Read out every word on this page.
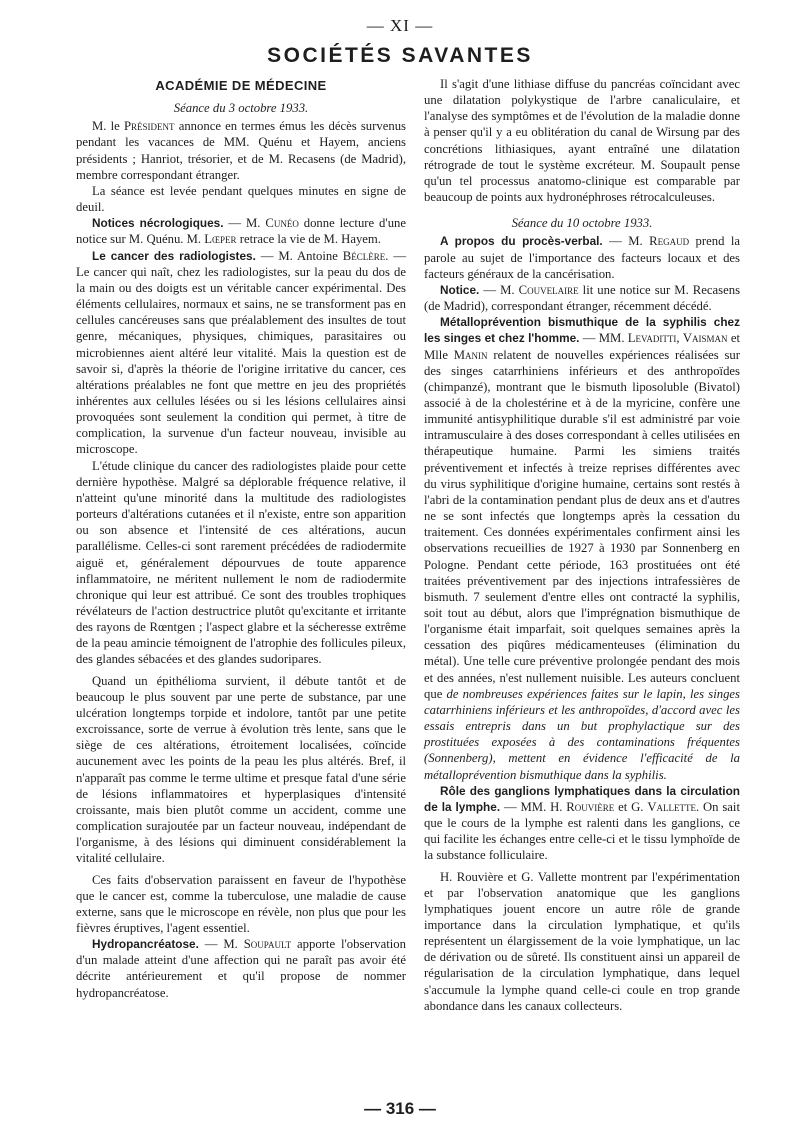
— XI —
SOCIÉTÉS SAVANTES
ACADÉMIE DE MÉDECINE
Séance du 3 octobre 1933.

M. le Président annonce en termes émus les décès survenus pendant les vacances de MM. Quénu et Hayem, anciens présidents ; Hanriot, trésorier, et de M. Recasens (de Madrid), membre correspondant étranger.

La séance est levée pendant quelques minutes en signe de deuil.

Notices nécrologiques. — M. Cunéo donne lecture d'une notice sur M. Quénu. M. Lœper retrace la vie de M. Hayem.

Le cancer des radiologistes. — M. Antoine Béclère. — Le cancer qui naît, chez les radiologistes, sur la peau du dos de la main ou des doigts est un véritable cancer expérimental. Des éléments cellulaires, normaux et sains, ne se transforment pas en cellules cancéreuses sans que préalablement des insultes de tout genre, mécaniques, physiques, chimiques, parasitaires ou microbiennes aient altéré leur vitalité. Mais la question est de savoir si, d'après la théorie de l'origine irritative du cancer, ces altérations préalables ne font que mettre en jeu des propriétés inhérentes aux cellules lésées ou si les lésions cellulaires ainsi provoquées sont seulement la condition qui permet, à titre de complication, la survenue d'un facteur nouveau, invisible au microscope.

L'étude clinique du cancer des radiologistes plaide pour cette dernière hypothèse. Malgré sa déplorable fréquence relative, il n'atteint qu'une minorité dans la multitude des radiologistes porteurs d'altérations cutanées et il n'existe, entre son apparition ou son absence et l'intensité de ces altérations, aucun parallélisme. Celles-ci sont rarement précédées de radiodermite aiguë et, généralement dépourvues de toute apparence inflammatoire, ne méritent nullement le nom de radiodermite chronique qui leur est attribué. Ce sont des troubles trophiques révélateurs de l'action destructrice plutôt qu'excitante et irritante des rayons de Rœntgen ; l'aspect glabre et la sécheresse extrême de la peau amincie témoignent de l'atrophie des follicules pileux, des glandes sébacées et des glandes sudoripares.

Quand un épithélioma survient, il débute tantôt et de beaucoup le plus souvent par une perte de substance, par une ulcération longtemps torpide et indolore, tantôt par une petite excroissance, sorte de verrue à évolution très lente, sans que le siège de ces altérations, étroitement localisées, coïncide aucunement avec les points de la peau les plus altérés. Bref, il n'apparaît pas comme le terme ultime et presque fatal d'une série de lésions inflammatoires et hyperplasiques d'intensité croissante, mais bien plutôt comme un accident, comme une complication surajoutée par un facteur nouveau, indépendant de l'organisme, à des lésions qui diminuent considérablement la vitalité cellulaire.

Ces faits d'observation paraissent en faveur de l'hypothèse que le cancer est, comme la tuberculose, une maladie de cause externe, sans que le microscope en révèle, non plus que pour les fièvres éruptives, l'agent essentiel.

Hydropancréatose. — M. Soupault apporte l'observation d'un malade atteint d'une affection qui ne paraît pas avoir été décrite antérieurement et qu'il propose de nommer hydropancréatose.

Il s'agit d'une lithiase diffuse du pancréas coïncidant avec une dilatation polykystique de l'arbre canaliculaire, et l'analyse des symptômes et de l'évolution de la maladie donne à penser qu'il y a eu oblitération du canal de Wirsung par des concrétions lithiasiques, ayant entraîné une dilatation rétrograde de tout le système excréteur. M. Soupault pense qu'un tel processus anatomo-clinique est comparable par beaucoup de points aux hydronéphroses rétrocalculeuses.

Séance du 10 octobre 1933.

A propos du procès-verbal. — M. Regaud prend la parole au sujet de l'importance des facteurs locaux et des facteurs généraux de la cancérisation.

Notice. — M. Couvelaire lit une notice sur M. Recasens (de Madrid), correspondant étranger, récemment décédé.

Métalloprévention bismuthique de la syphilis chez les singes et chez l'homme. — MM. Levaditti, Vaisman et Mlle Manin relatent de nouvelles expériences réalisées sur des singes catarrhiniens inférieurs et des anthropoïdes (chimpanzé), montrant que le bismuth liposoluble (Bivatol) associé à de la cholestérine et à de la myricine, confère une immunité antisyphilitique durable s'il est administré par voie intramusculaire à des doses correspondant à celles utilisées en thérapeutique humaine. Parmi les simiens traités préventivement et infectés à treize reprises différentes avec du virus syphilitique d'origine humaine, certains sont restés à l'abri de la contamination pendant plus de deux ans et d'autres ne se sont infectés que longtemps après la cessation du traitement. Ces données expérimentales confirment ainsi les observations recueillies de 1927 à 1930 par Sonnenberg en Pologne. Pendant cette période, 163 prostituées ont été traitées préventivement par des injections intrafessières de bismuth. 7 seulement d'entre elles ont contracté la syphilis, soit tout au début, alors que l'imprégnation bismuthique de l'organisme était imparfait, soit quelques semaines après la cessation des piqûres médicamenteuses (élimination du métal). Une telle cure préventive prolongée pendant des mois et des années, n'est nullement nuisible. Les auteurs concluent que de nombreuses expériences faites sur le lapin, les singes catarrhiniens inférieurs et les anthropoïdes, d'accord avec les essais entrepris dans un but prophylactique sur des prostituées exposées à des contaminations fréquentes (Sonnenberg), mettent en évidence l'efficacité de la métalloprévention bismuthique dans la syphilis.

Rôle des ganglions lymphatiques dans la circulation de la lymphe. — MM. H. Rouvière et G. Vallette. On sait que le cours de la lymphe est ralenti dans les ganglions, ce qui facilite les échanges entre celle-ci et le tissu lymphoïde de la substance folliculaire.

H. Rouvière et G. Vallette montrent par l'expérimentation et par l'observation anatomique que les ganglions lymphatiques jouent encore un autre rôle de grande importance dans la circulation lymphatique, et qu'ils représentent un élargissement de la voie lymphatique, un lac de dérivation ou de sûreté. Ils constituent ainsi un appareil de régularisation de la circulation lymphatique, dans lequel s'accumule la lymphe quand celle-ci coule en trop grande abondance dans les canaux collecteurs.

— 316 —
